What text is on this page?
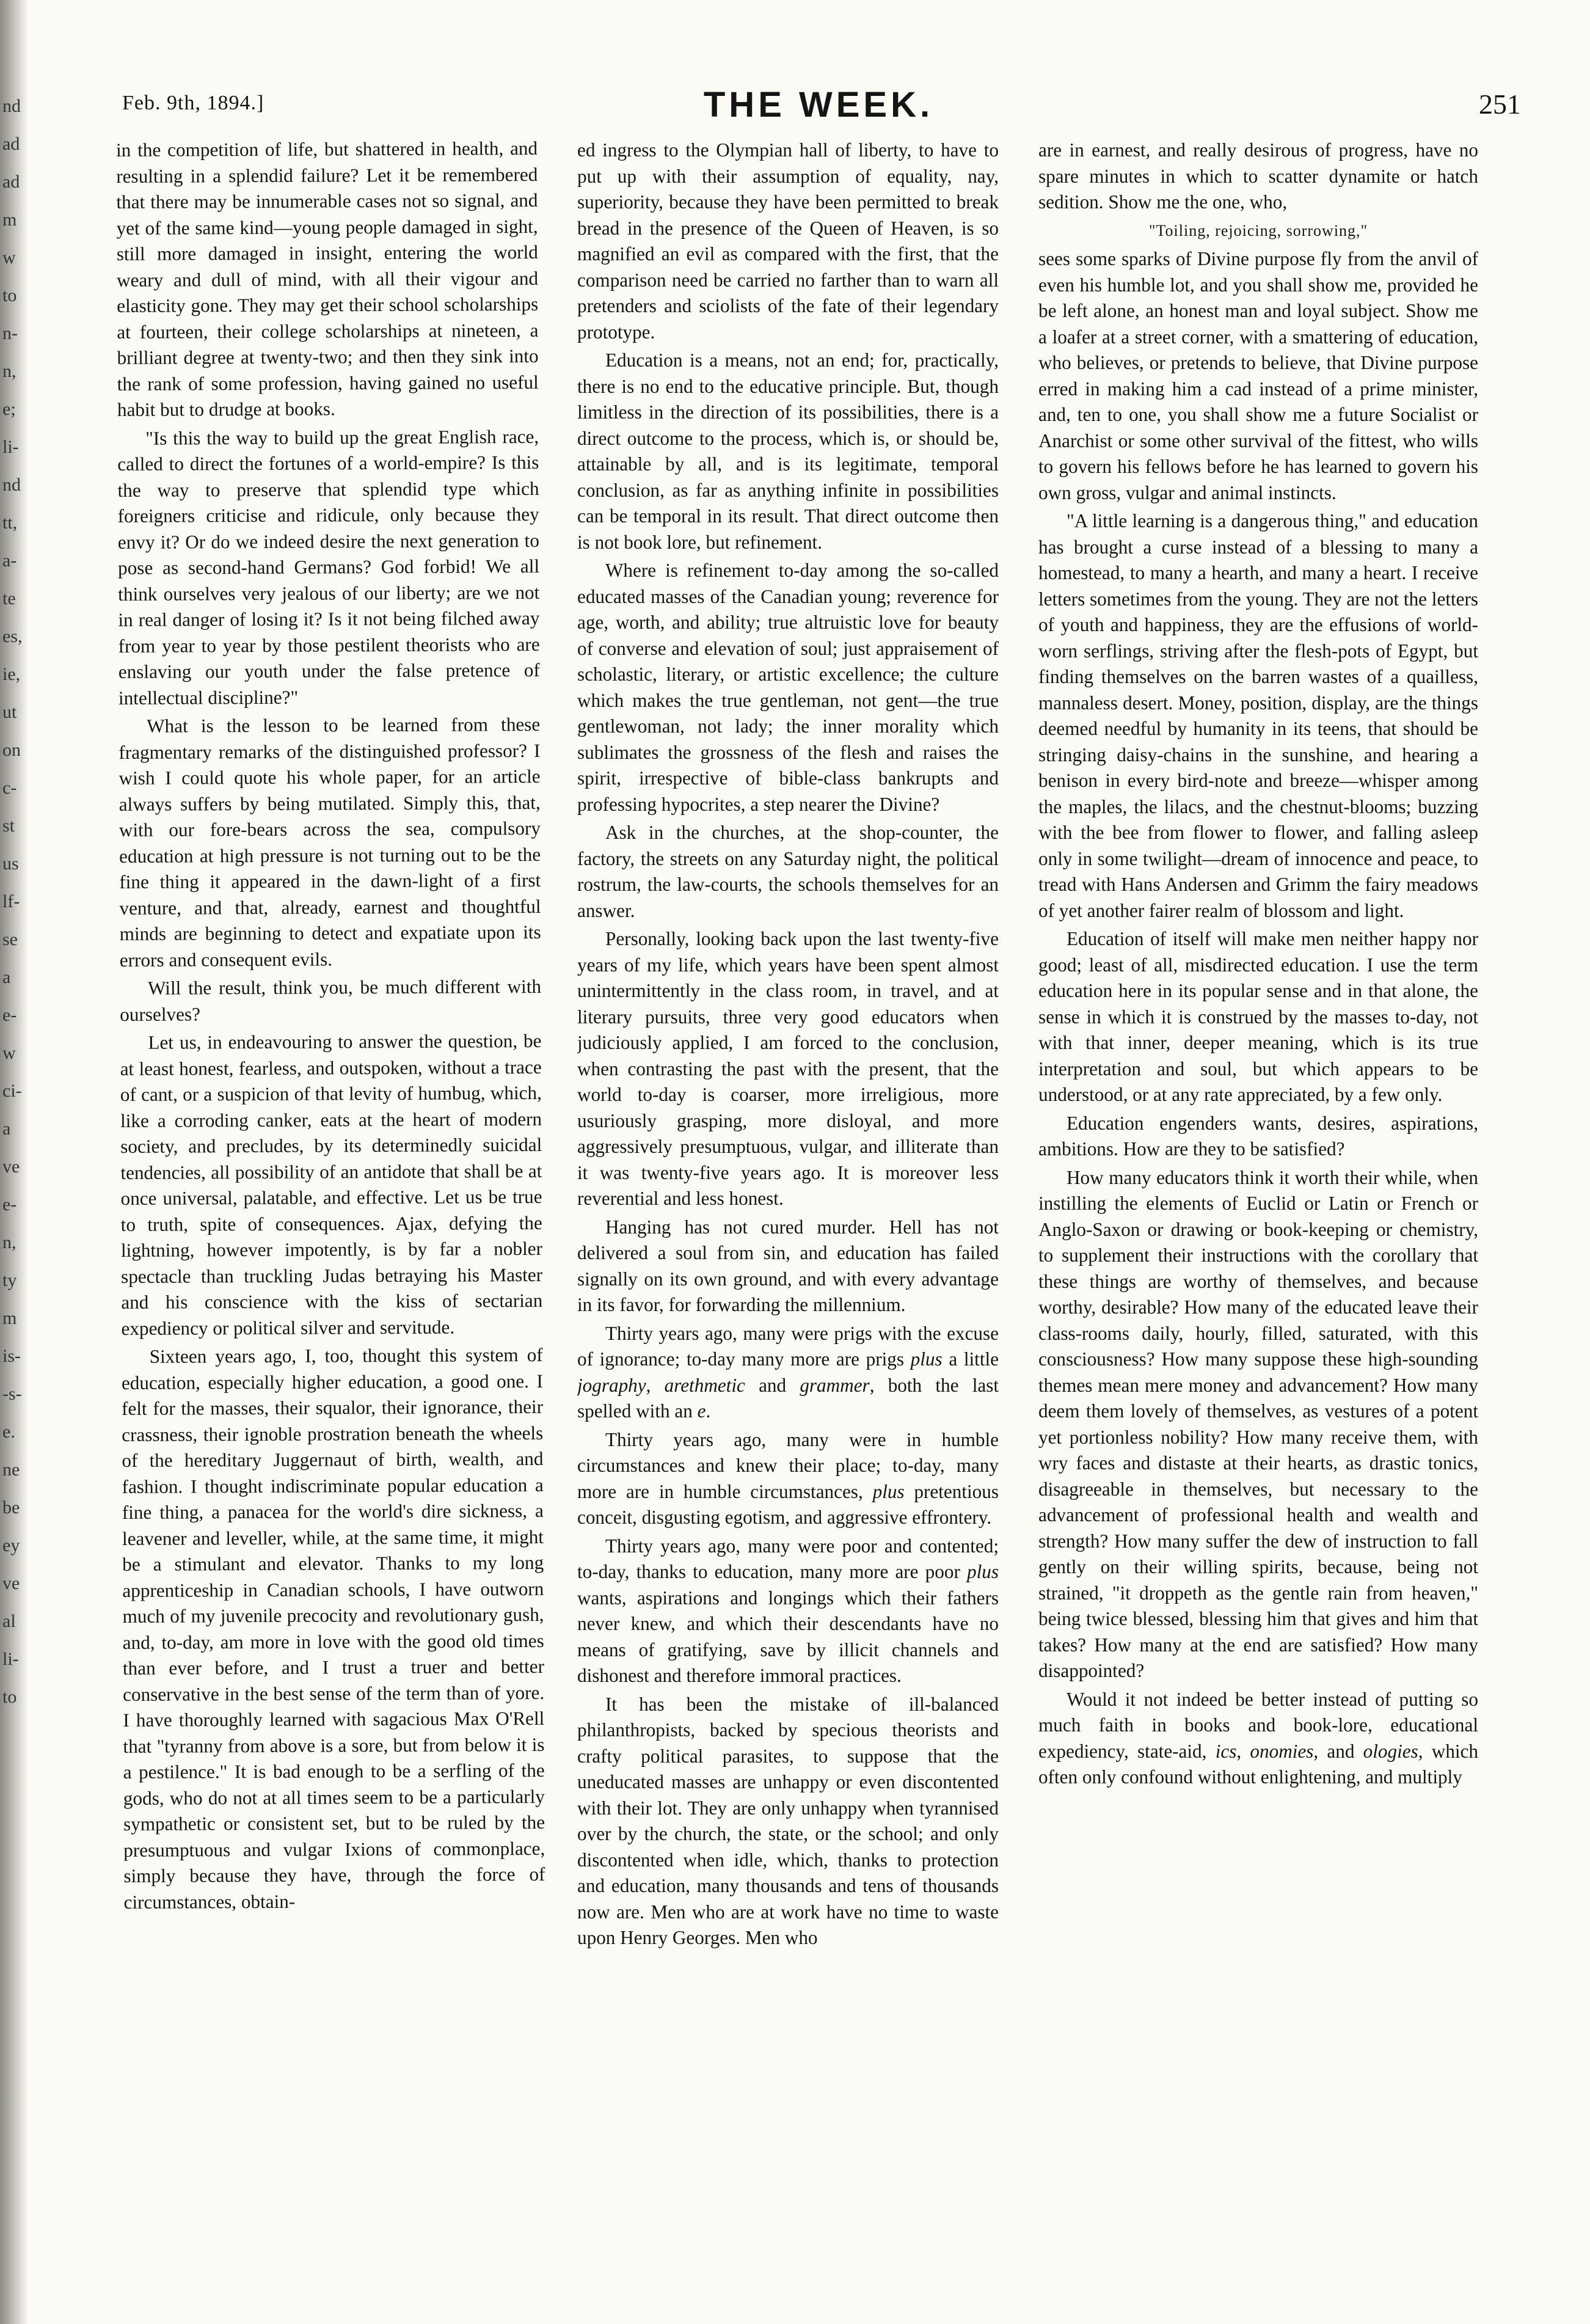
nd
ad
ad
m
w
to
n-
n,
e;
li-
nd
tt,
a-
te
es,
ie,
ut
on
c-
st
us
lf-
se
a
e-
w
ci-
a
ve
e-
n,
ty
m
is-
-s-
e.
ne
be
ey
ve
al
li-
to
Feb. 9th, 1894.]	THE WEEK.	251

in the competition of life, but shattered in health, and resulting in a splendid failure? Let it be remembered that there may be innumerable cases not so signal, and yet of the same kind—young people damaged in sight, still more damaged in insight, entering the world weary and dull of mind, with all their vigour and elasticity gone. They may get their school scholarships at fourteen, their college scholarships at nineteen, a brilliant degree at twenty-two; and then they sink into the rank of some profession, having gained no useful habit but to drudge at books.

"Is this the way to build up the great English race, called to direct the fortunes of a world-empire? Is this the way to preserve that splendid type which foreigners criticise and ridicule, only because they envy it? Or do we indeed desire the next generation to pose as second-hand Germans? God forbid! We all think ourselves very jealous of our liberty; are we not in real danger of losing it? Is it not being filched away from year to year by those pestilent theorists who are enslaving our youth under the false pretence of intellectual discipline?"

What is the lesson to be learned from these fragmentary remarks of the distinguished professor? I wish I could quote his whole paper, for an article always suffers by being mutilated. Simply this, that, with our fore-bears across the sea, compulsory education at high pressure is not turning out to be the fine thing it appeared in the dawn-light of a first venture, and that, already, earnest and thoughtful minds are beginning to detect and expatiate upon its errors and consequent evils.

Will the result, think you, be much different with ourselves?

Let us, in endeavouring to answer the question, be at least honest, fearless, and outspoken, without a trace of cant, or a suspicion of that levity of humbug, which, like a corroding canker, eats at the heart of modern society, and precludes, by its determinedly suicidal tendencies, all possibility of an antidote that shall be at once universal, palatable, and effective. Let us be true to truth, spite of consequences. Ajax, defying the lightning, however impotently, is by far a nobler spectacle than truckling Judas betraying his Master and his conscience with the kiss of sectarian expediency or political silver and servitude.

Sixteen years ago, I, too, thought this system of education, especially higher education, a good one. I felt for the masses, their squalor, their ignorance, their crassness, their ignoble prostration beneath the wheels of the hereditary Juggernaut of birth, wealth, and fashion. I thought indiscriminate popular education a fine thing, a panacea for the world's dire sickness, a leavener and leveller, while, at the same time, it might be a stimulant and elevator. Thanks to my long apprenticeship in Canadian schools, I have outworn much of my juvenile precocity and revolutionary gush, and, to-day, am more in love with the good old times than ever before, and I trust a truer and better conservative in the best sense of the term than of yore. I have thoroughly learned with sagacious Max O'Rell that "tyranny from above is a sore, but from below it is a pestilence." It is bad enough to be a serfling of the gods, who do not at all times seem to be a particularly sympathetic or consistent set, but to be ruled by the presumptuous and vulgar Ixions of commonplace, simply because they have, through the force of circumstances, obtain-

ed ingress to the Olympian hall of liberty, to have to put up with their assumption of equality, nay, superiority, because they have been permitted to break bread in the presence of the Queen of Heaven, is so magnified an evil as compared with the first, that the comparison need be carried no farther than to warn all pretenders and sciolists of the fate of their legendary prototype.

Education is a means, not an end; for, practically, there is no end to the educative principle. But, though limitless in the direction of its possibilities, there is a direct outcome to the process, which is, or should be, attainable by all, and is its legitimate, temporal conclusion, as far as anything infinite in possibilities can be temporal in its result. That direct outcome then is not book lore, but refinement.

Where is refinement to-day among the so-called educated masses of the Canadian young; reverence for age, worth, and ability; true altruistic love for beauty of converse and elevation of soul; just appraisement of scholastic, literary, or artistic excellence; the culture which makes the true gentleman, not gent—the true gentlewoman, not lady; the inner morality which sublimates the grossness of the flesh and raises the spirit, irrespective of bible-class bankrupts and professing hypocrites, a step nearer the Divine?

Ask in the churches, at the shop-counter, the factory, the streets on any Saturday night, the political rostrum, the law-courts, the schools themselves for an answer.

Personally, looking back upon the last twenty-five years of my life, which years have been spent almost unintermittently in the class room, in travel, and at literary pursuits, three very good educators when judiciously applied, I am forced to the conclusion, when contrasting the past with the present, that the world to-day is coarser, more irreligious, more usuriously grasping, more disloyal, and more aggressively presumptuous, vulgar, and illiterate than it was twenty-five years ago. It is moreover less reverential and less honest.

Hanging has not cured murder. Hell has not delivered a soul from sin, and education has failed signally on its own ground, and with every advantage in its favor, for forwarding the millennium.

Thirty years ago, many were prigs with the excuse of ignorance; to-day many more are prigs plus a little jography, arethmetic and grammer, both the last spelled with an e.

Thirty years ago, many were in humble circumstances and knew their place; to-day, many more are in humble circumstances, plus pretentious conceit, disgusting egotism, and aggressive effrontery.

Thirty years ago, many were poor and contented; to-day, thanks to education, many more are poor plus wants, aspirations and longings which their fathers never knew, and which their descendants have no means of gratifying, save by illicit channels and dishonest and therefore immoral practices.

It has been the mistake of ill-balanced philanthropists, backed by specious theorists and crafty political parasites, to suppose that the uneducated masses are unhappy or even discontented with their lot. They are only unhappy when tyrannised over by the church, the state, or the school; and only discontented when idle, which, thanks to protection and education, many thousands and tens of thousands now are. Men who are at work have no time to waste upon Henry Georges. Men who

are in earnest, and really desirous of progress, have no spare minutes in which to scatter dynamite or hatch sedition. Show me the one, who,

"Toiling, rejoicing, sorrowing,"

sees some sparks of Divine purpose fly from the anvil of even his humble lot, and you shall show me, provided he be left alone, an honest man and loyal subject. Show me a loafer at a street corner, with a smattering of education, who believes, or pretends to believe, that Divine purpose erred in making him a cad instead of a prime minister, and, ten to one, you shall show me a future Socialist or Anarchist or some other survival of the fittest, who wills to govern his fellows before he has learned to govern his own gross, vulgar and animal instincts.

"A little learning is a dangerous thing," and education has brought a curse instead of a blessing to many a homestead, to many a hearth, and many a heart. I receive letters sometimes from the young. They are not the letters of youth and happiness, they are the effusions of world-worn serflings, striving after the flesh-pots of Egypt, but finding themselves on the barren wastes of a quailless, mannaless desert. Money, position, display, are the things deemed needful by humanity in its teens, that should be stringing daisy-chains in the sunshine, and hearing a benison in every bird-note and breeze—whisper among the maples, the lilacs, and the chestnut-blooms; buzzing with the bee from flower to flower, and falling asleep only in some twilight—dream of innocence and peace, to tread with Hans Andersen and Grimm the fairy meadows of yet another fairer realm of blossom and light.

Education of itself will make men neither happy nor good; least of all, misdirected education. I use the term education here in its popular sense and in that alone, the sense in which it is construed by the masses to-day, not with that inner, deeper meaning, which is its true interpretation and soul, but which appears to be understood, or at any rate appreciated, by a few only.

Education engenders wants, desires, aspirations, ambitions. How are they to be satisfied?

How many educators think it worth their while, when instilling the elements of Euclid or Latin or French or Anglo-Saxon or drawing or book-keeping or chemistry, to supplement their instructions with the corollary that these things are worthy of themselves, and because worthy, desirable? How many of the educated leave their class-rooms daily, hourly, filled, saturated, with this consciousness? How many suppose these high-sounding themes mean mere money and advancement? How many deem them lovely of themselves, as vestures of a potent yet portionless nobility? How many receive them, with wry faces and distaste at their hearts, as drastic tonics, disagreeable in themselves, but necessary to the advancement of professional health and wealth and strength? How many suffer the dew of instruction to fall gently on their willing spirits, because, being not strained, "it droppeth as the gentle rain from heaven," being twice blessed, blessing him that gives and him that takes? How many at the end are satisfied? How many disappointed?

Would it not indeed be better instead of putting so much faith in books and book-lore, educational expediency, state-aid, ics, onomies, and ologies, which often only confound without enlightening, and multiply
